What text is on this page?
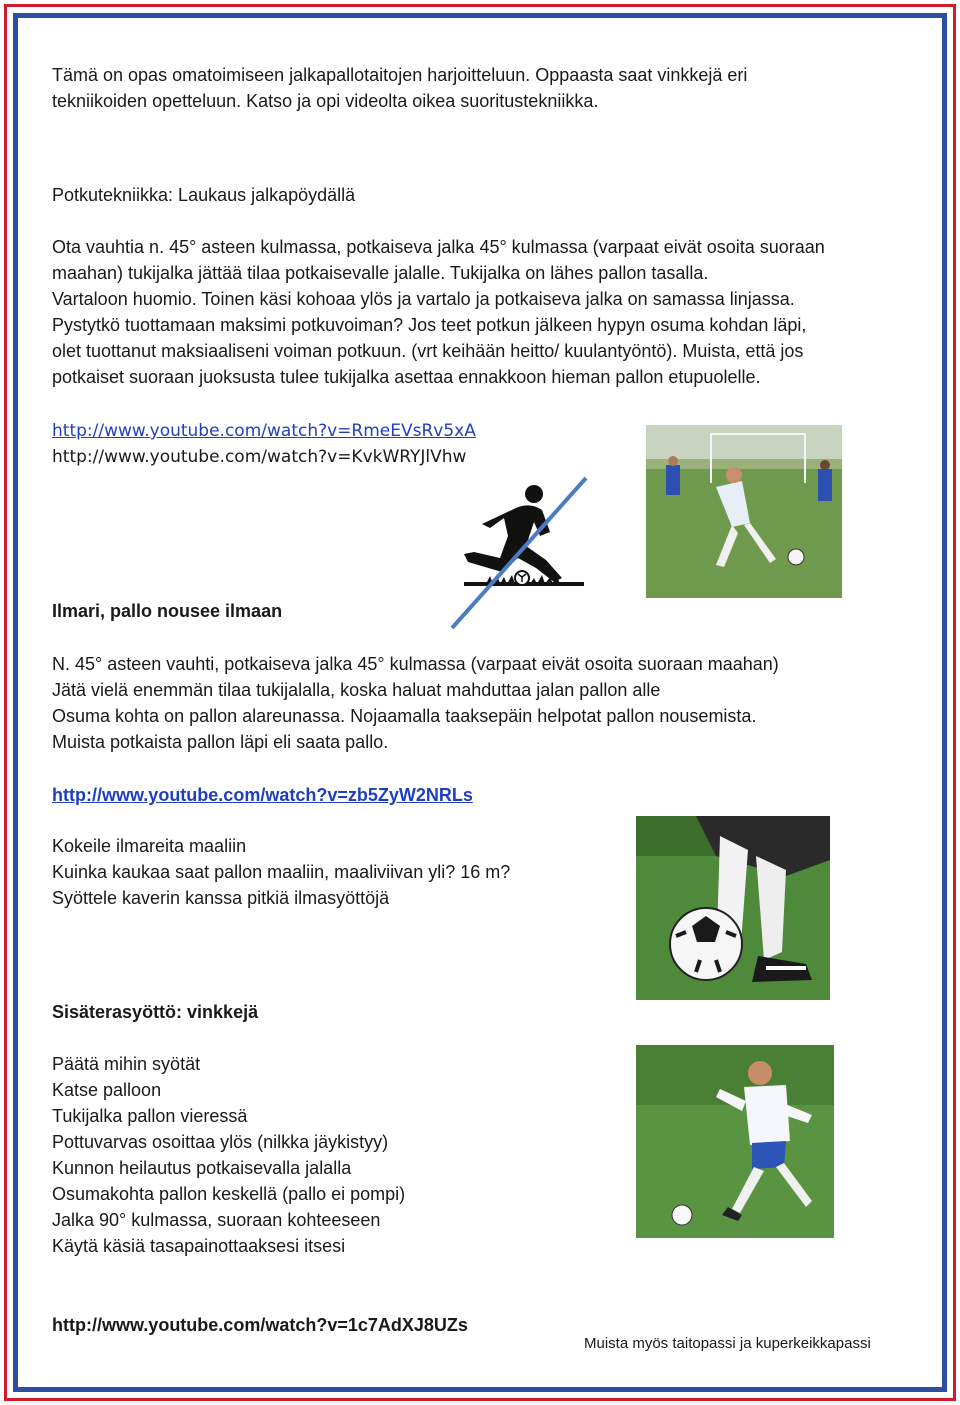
Tämä on opas omatoimiseen jalkapallotaitojen harjoitteluun. Oppaasta saat vinkkejä eri
tekniikoiden opetteluun. Katso ja opi videolta oikea suoritustekniikka.
Potkutekniikka: Laukaus jalkapöydällä
Ota vauhtia n. 45° asteen kulmassa, potkaiseva jalka 45° kulmassa (varpaat eivät osoita suoraan
maahan) tukijalka jättää tilaa potkaisevalle jalalle. Tukijalka on lähes pallon tasalla.
Vartaloon huomio. Toinen käsi kohoaa ylös ja vartalo ja potkaiseva jalka on samassa linjassa.
Pystytkö tuottamaan maksimi potkuvoiman? Jos teet potkun jälkeen hypyn osuma kohdan läpi,
olet tuottanut maksiaaliseni voiman potkuun. (vrt keihään heitto/ kuulantyöntö). Muista, että jos
potkaiset suoraan juoksusta tulee tukijalka asettaa ennakkoon hieman pallon etupuolelle.
http://www.youtube.com/watch?v=RmeEVsRv5xA
http://www.youtube.com/watch?v=KvkWRYJlVhw
Ilmari, pallo nousee ilmaan
N. 45° asteen vauhti, potkaiseva jalka 45° kulmassa (varpaat eivät osoita suoraan maahan)
Jätä vielä enemmän tilaa tukijalalla, koska haluat mahduttaa jalan pallon alle
Osuma kohta on pallon alareunassa. Nojaamalla taaksepäin helpotat pallon nousemista.
Muista potkaista pallon läpi eli saata pallo.
http://www.youtube.com/watch?v=zb5ZyW2NRLs
Kokeile ilmareita maaliin
Kuinka kaukaa saat pallon maaliin, maaliviivan yli? 16 m?
Syöttele kaverin kanssa pitkiä ilmasyöttöjä
Sisäterasyöttö: vinkkejä
Päätä mihin syötät
Katse palloon
Tukijalka pallon vieressä
Pottuvarvas osoittaa ylös (nilkka jäykistyy)
Kunnon heilautus potkaisevalla jalalla
Osumakohta pallon keskellä (pallo ei pompi)
Jalka 90° kulmassa, suoraan kohteeseen
Käytä käsiä tasapainottaaksesi itsesi
http://www.youtube.com/watch?v=1c7AdXJ8UZs
Muista myös taitopassi ja kuperkeikkapassi
